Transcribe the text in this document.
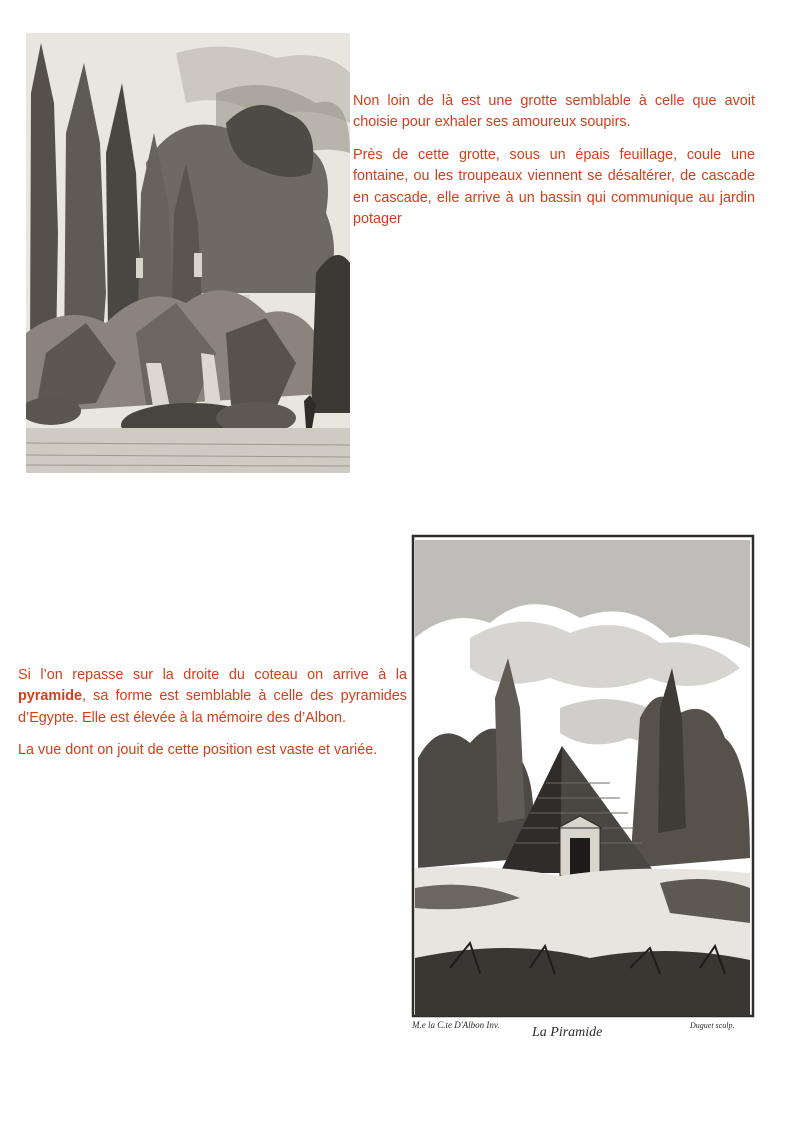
Non loin de là est une grotte semblable à celle que avoit choisie pour exhaler ses amoureux soupirs.

Près de cette grotte, sous un épais feuillage, coule une fontaine, ou les troupeaux viennent se désaltérer, de cascade en cascade, elle arrive à un bassin qui communique au jardin potager

M.e la C.te D'Albon Inv. La Piramide	Duguet sculp.

Si l’on repasse sur la droite du coteau on arrive à la pyramide, sa forme est semblable à celle des pyramides d’Egypte. Elle est élevée à la mémoire des d’Albon.

La vue dont on jouit de cette position est vaste et variée.
